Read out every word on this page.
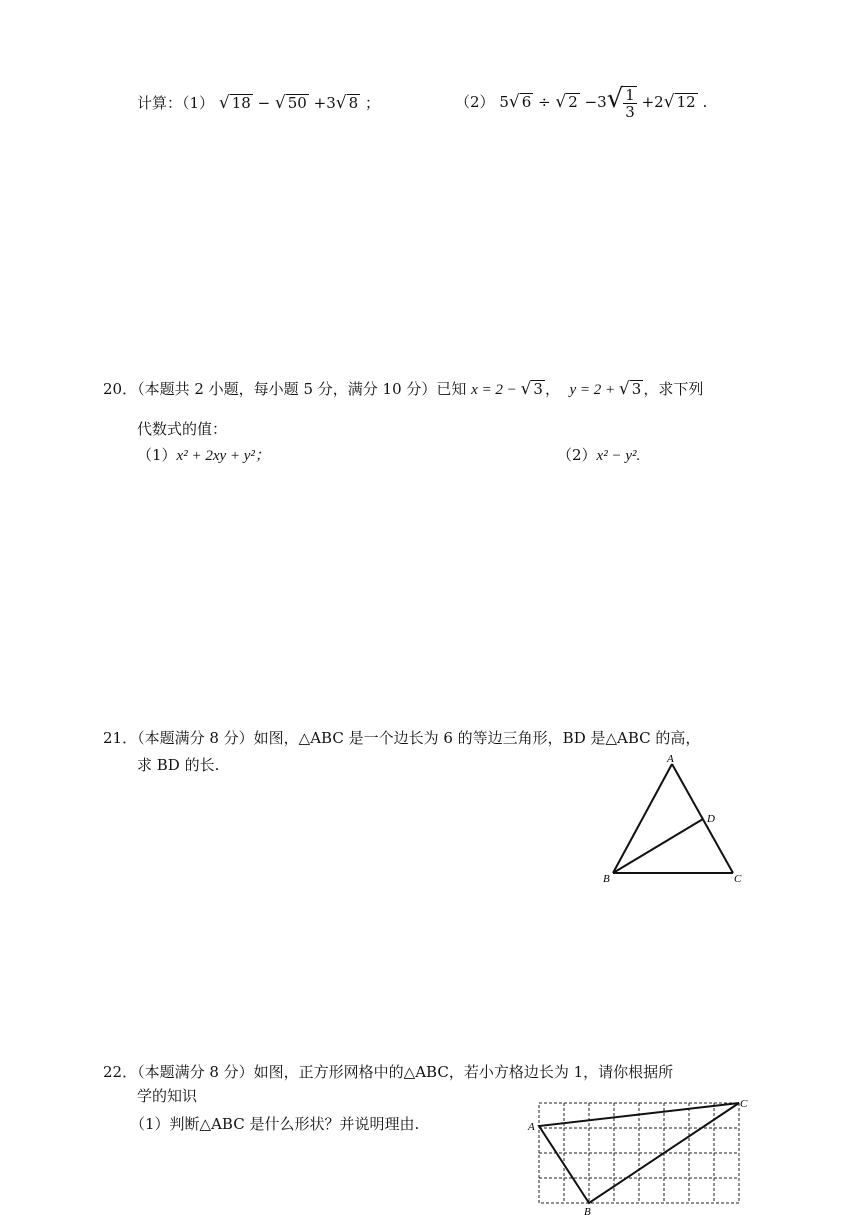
计算：（1） √ 18 − √ 50 +3√ 8 ；	（2） 5√ 6 ÷ √ $2 -3√ \frac{1}{3} +2√$ 12 .
20．（本题共 2 小题，每小题 5 分，满分 10 分）已知 x = 2 − √ 3 ， y = 2 + √ 3 ，求下列
代数式的值：
（1）x² + 2xy + y²；	（2）x² − y².
21．（本题满分 8 分）如图，△ABC 是一个边长为 6 的等边三角形，BD 是△ABC 的高，
求 BD 的长.	A
B	C
D
22．（本题满分 8 分）如图，正方形网格中的△ABC，若小方格边长为 1，请你根据所
学的知识
（1）判断△ABC 是什么形状？并说明理由.	A
B
C
